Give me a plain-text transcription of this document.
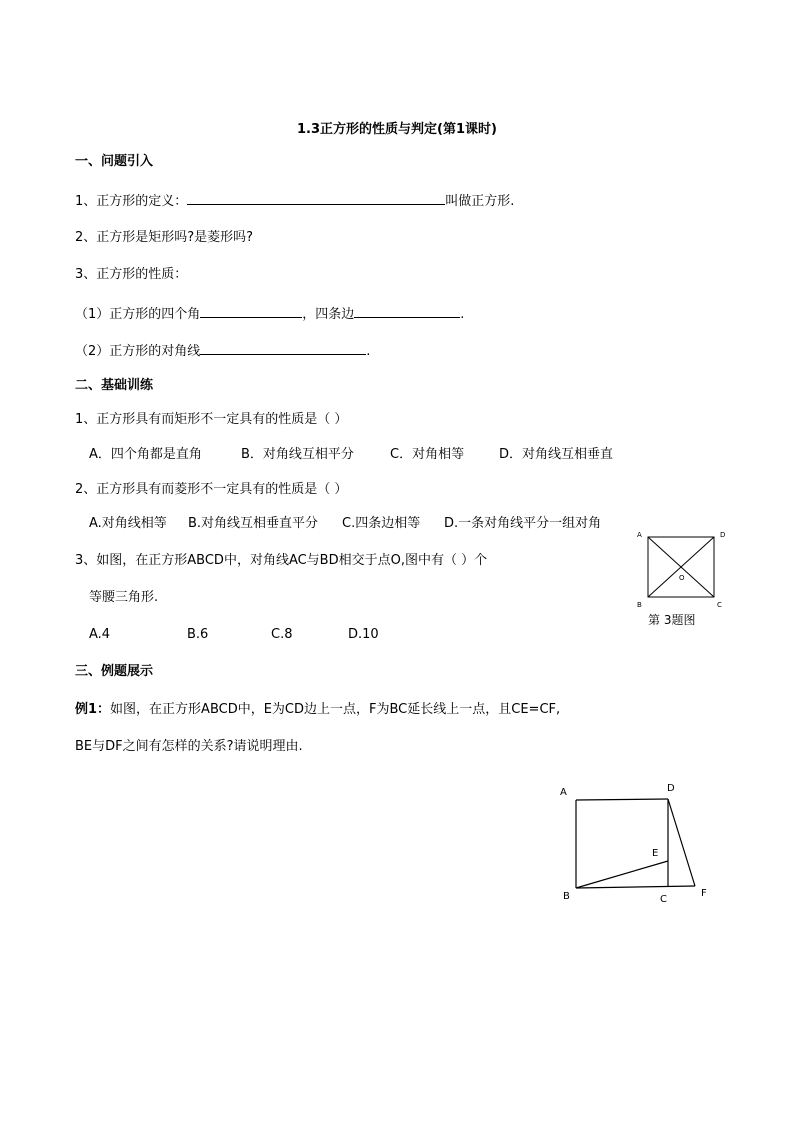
1.3正方形的性质与判定(第1课时)
一、问题引入
1、正方形的定义：	叫做正方形.
2、正方形是矩形吗?是菱形吗?
3、正方形的性质：
（1）正方形的四个角	，四条边	.
（2）正方形的对角线	.
二、基础训练
1、正方形具有而矩形不一定具有的性质是（ ）
A．四个角都是直角	B．对角线互相平分	C．对角相等	D．对角线互相垂直
2、正方形具有而菱形不一定具有的性质是（ ）
A.对角线相等 B.对角线互相垂直平分 C.四条边相等 D.一条对角线平分一组对角
3、如图，在正方形ABCD中，对角线AC与BD相交于点O,图中有（ ）个
等腰三角形.
A.4	B.6	C.8	D.10
A	D
B	C
O
第 3题图
三、例题展示
例1：如图，在正方形ABCD中，E为CD边上一点，F为BC延长线上一点，且CE=CF,
BE与DF之间有怎样的关系?请说明理由.
A	D
E
B	C
F
